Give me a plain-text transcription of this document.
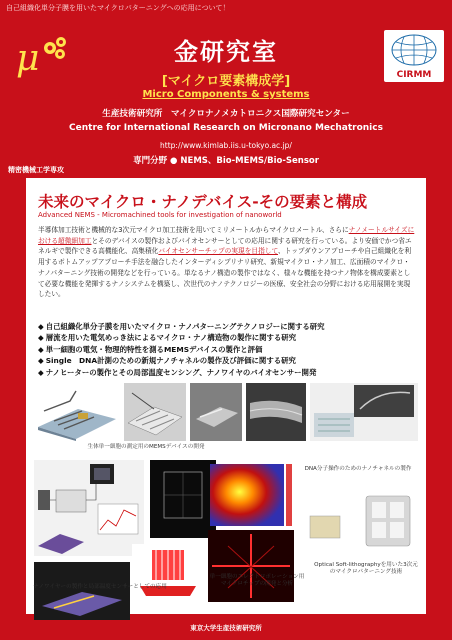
自己組織化単分子膜を用いたマイクロパターニングへの応用について！
μ	CIRMM
金研究室
[マイクロ要素構成学]
Micro Components & systems
生産技術研究所　マイクロナノメカトロニクス国際研究センター
Centre for International Research on Micronano Mechatronics
http://www.kimlab.iis.u-tokyo.ac.jp/
専門分野 ● NEMS、Bio-MEMS/Bio-Sensor
精密機械工学専攻
未来のマイクロ・ナノデバイス-その要素と構成
Advanced NEMS - Micromachined tools for investigation of nanoworld
半導体加工技術と機械的な3次元マイクロ加工技術を用いてミリメートルからマイクロメートル、さらにナノメートルサイズにおける超微細加工とそのデバイスの製作およびバイオセンサーとしての応用に関する研究を行っている。より安価でかつ省エネルギで製作できる高機能化、高集積化バイオセンサーチップの実現を目指して、トップダウンアプローチや自己組織化を利用するボトムアップアプローチ手法を融合したインターディシプリナリ研究、新規マイクロ・ナノ加工、広面積のマイクロ・ナノパターニング技術の開発などを行っている。単なるナノ構造の製作ではなく、様々な機能を持つナノ物体を構成要素として必要な機能を発揮するナノシステムを構築し、次世代のナノテクノロジーの医療、安全社会の分野における応用展開を実現したい。
◆ 自己組織化単分子膜を用いたマイクロ・ナノパターニングテクノロジーに関する研究
◆ 層流を用いた電気めっき法によるマイクロ・ナノ構造物の製作に関する研究
◆ 単一細胞の電気・物理的特性を測るMEMSデバイスの製作と評価
◆ Single　DNA計測のための新規ナノチャネルの製作及び評価に関する研究
◆ ナノヒーターの製作とその局部温度センシング、ナノワイヤのバイオセンサー開発
生体単一細胞の測定用のMEMSデバイスの開発
DNA分子操作のためのナノチャネルの製作
Optical Soft-lithographyを用いた3次元
のマイクロパターニング技術
単一細胞のエレクトロポレーション用
マイクロチップの開発と分析
ナノワイヤーの製作と局部温度センサーとしての応用
東京大学生産技術研究所
